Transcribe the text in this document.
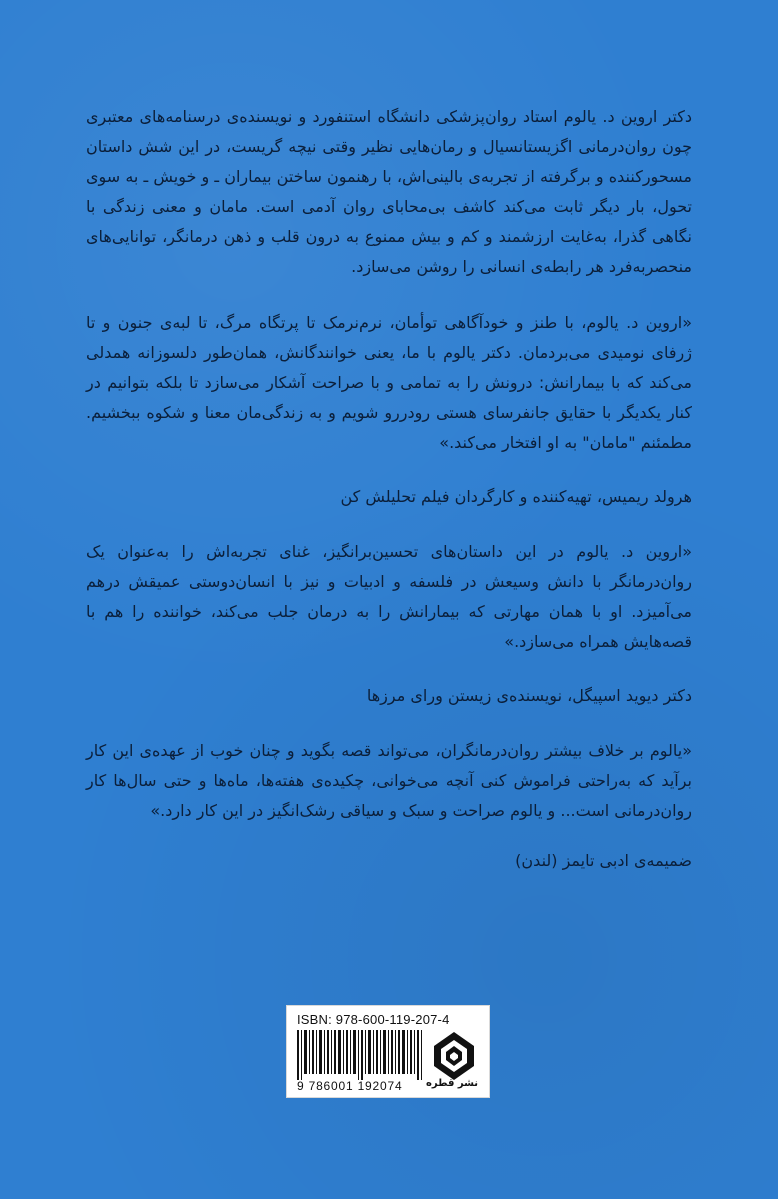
دکتر اروین د. یالوم استاد روان‌پزشکی دانشگاه استنفورد و نویسنده‌ی درسنامه‌های معتبری چون روان‌درمانی اگزیستانسیال و رمان‌هایی نظیر وقتی نیچه گریست، در این شش داستان مسحورکننده و برگرفته از تجربه‌ی بالینی‌اش، با رهنمون ساختن بیماران ـ و خویش ـ به سوی تحول، بار دیگر ثابت می‌کند کاشف بی‌محابای روان آدمی است. مامان و معنی زندگی با نگاهی گذرا، به‌غایت ارزشمند و کم و بیش ممنوع به درون قلب و ذهن درمانگر، توانایی‌های منحصربه‌فرد هر رابطه‌ی انسانی را روشن می‌سازد.

«اروین د. یالوم، با طنز و خودآگاهی توأمان، نرم‌نرمک تا پرتگاه مرگ، تا لبه‌ی جنون و تا ژرفای نومیدی می‌بردمان. دکتر یالوم با ما، یعنی خوانندگانش، همان‌طور دلسوزانه همدلی می‌کند که با بیمارانش: درونش را به تمامی و با صراحت آشکار می‌سازد تا بلکه بتوانیم در کنار یکدیگر با حقایق جانفرسای هستی رودررو شویم و به زندگی‌مان معنا و شکوه ببخشیم. مطمئنم "مامان" به او افتخار می‌کند.»

هرولد ریمیس، تهیه‌کننده و کارگردان فیلم تحلیلش کن

«اروین د. یالوم در این داستان‌های تحسین‌برانگیز، غنای تجربه‌اش را به‌عنوان یک روان‌درمانگر با دانش وسیعش در فلسفه و ادبیات و نیز با انسان‌دوستی عمیقش درهم می‌آمیزد. او با همان مهارتی که بیمارانش را به درمان جلب می‌کند، خواننده را هم با قصه‌هایش همراه می‌سازد.»

دکتر دیوید اسپیگل، نویسنده‌ی زیستن ورای مرزها

«یالوم بر خلاف بیشتر روان‌درمانگران، می‌تواند قصه بگوید و چنان خوب از عهده‌ی این کار برآید که به‌راحتی فراموش کنی آنچه می‌خوانی، چکیده‌ی هفته‌ها، ماه‌ها و حتی سال‌ها کار روان‌درمانی است... و یالوم صراحت و سبک و سیاقی رشک‌انگیز در این کار دارد.»

ضمیمه‌ی ادبی تایمز (لندن)

ISBN: 978-600-119-207-4
9 786001 192074 نشر قطره
